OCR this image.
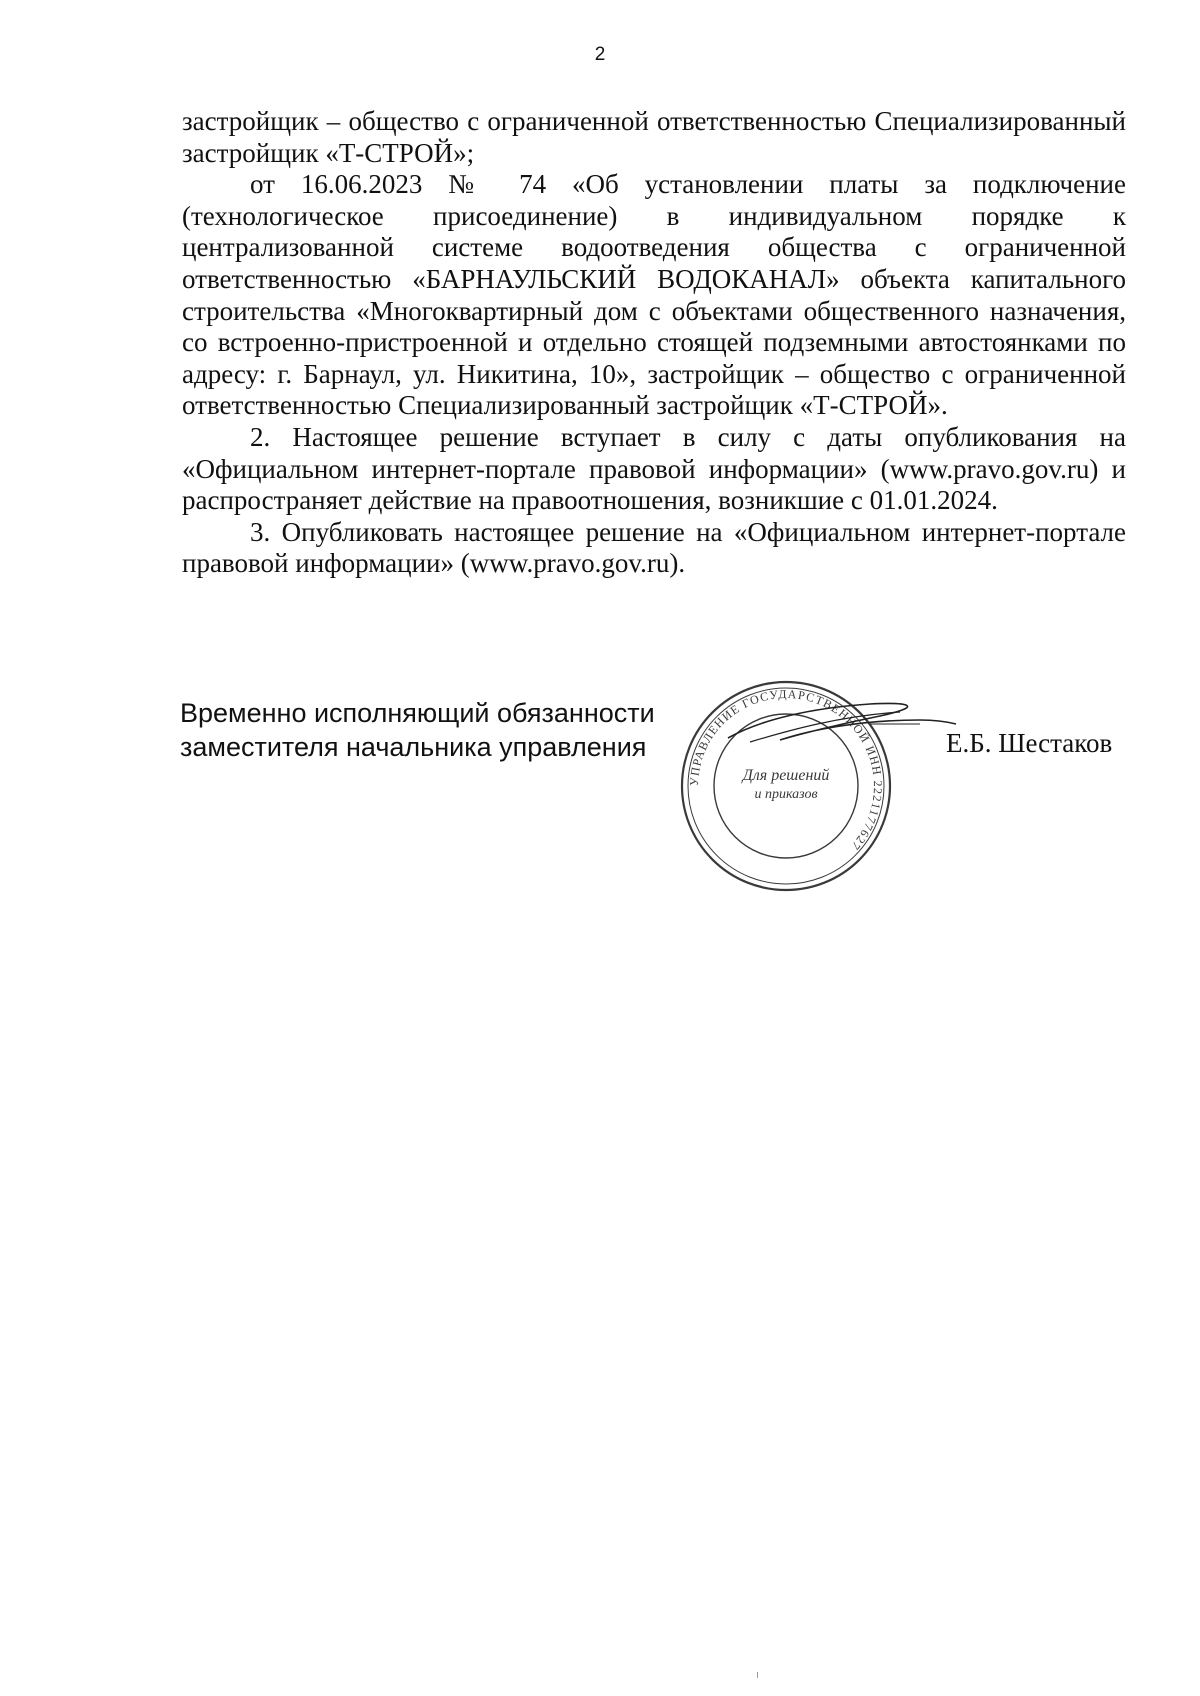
2

застройщик – общество с ограниченной ответственностью Специализированный застройщик «Т-СТРОЙ»;

от 16.06.2023 № 74 «Об установлении платы за подключение (технологическое присоединение) в индивидуальном порядке к централизованной системе водоотведения общества с ограниченной ответственностью «БАРНАУЛЬСКИЙ ВОДОКАНАЛ» объекта капитального строительства «Многоквартирный дом с объектами общественного назначения, со встроенно-пристроенной и отдельно стоящей подземными автостоянками по адресу: г. Барнаул, ул. Никитина, 10», застройщик – общество с ограниченной ответственностью Специализированный застройщик «Т-СТРОЙ».

2. Настоящее решение вступает в силу с даты опубликования на «Официальном интернет-портале правовой информации» (www.pravo.gov.ru) и распространяет действие на правоотношения, возникшие с 01.01.2024.

3. Опубликовать настоящее решение на «Официальном интернет-портале правовой информации» (www.pravo.gov.ru).

Временно исполняющий обязанности
заместителя начальника управления
УПРАВЛЕНИЕ ГОСУДАРСТВЕННОЙ ИНН 2221177627
Для решений
и приказов
Е.Б. Шестаков
